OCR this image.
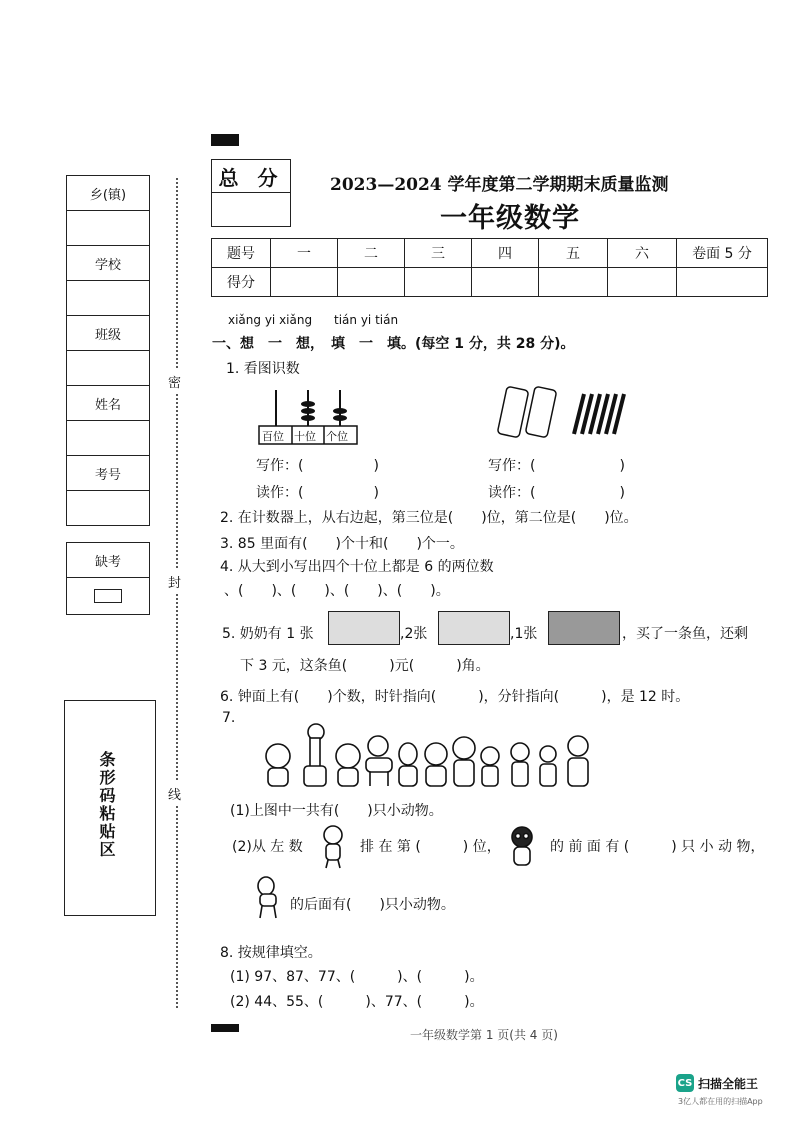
乡(镇)
学校
班级
姓名
考号
缺考
条形码粘贴区
密
封
线
总 分	2023—2024 学年度第二学期期末质量监测
一年级数学
题号	一	二	三	四	五	六	卷面 5 分
得分							
xiǎng yi xiǎng tián yi tián
一、想　一　想，　填　一　填。(每空 1 分，共 28 分)。
1. 看图识数
百位 十位 个位
写作：(　　　　　)
读作：(　　　　　)
写作：(　　　　　　)
读作：(　　　　　　)
2. 在计数器上，从右边起，第三位是(　　)位，第二位是(　　)位。
3. 85 里面有(　　)个十和(　　)个一。
4. 从大到小写出四个十位上都是 6 的两位数
、(　　)、(　　)、(　　)、(　　)。
5. 奶奶有 1 张	,2张	,1张	，买了一条鱼，还剩
下 3 元，这条鱼(　　　)元(　　　)角。
6. 钟面上有(　　)个数，时针指向(　　　)，分针指向(　　　)，是 12 时。
7.
(1)上图中一共有(　　)只小动物。
(2)从 左 数	排 在 第 (　　　) 位，	的 前 面 有 (　　　) 只 小 动 物，
的后面有(　　)只小动物。
8. 按规律填空。
(1) 97、87、77、(　　　)、(　　　)。
(2) 44、55、(　　　)、77、(　　　)。
一年级数学第 1 页(共 4 页)
CS 扫描全能王
3亿人都在用的扫描App
